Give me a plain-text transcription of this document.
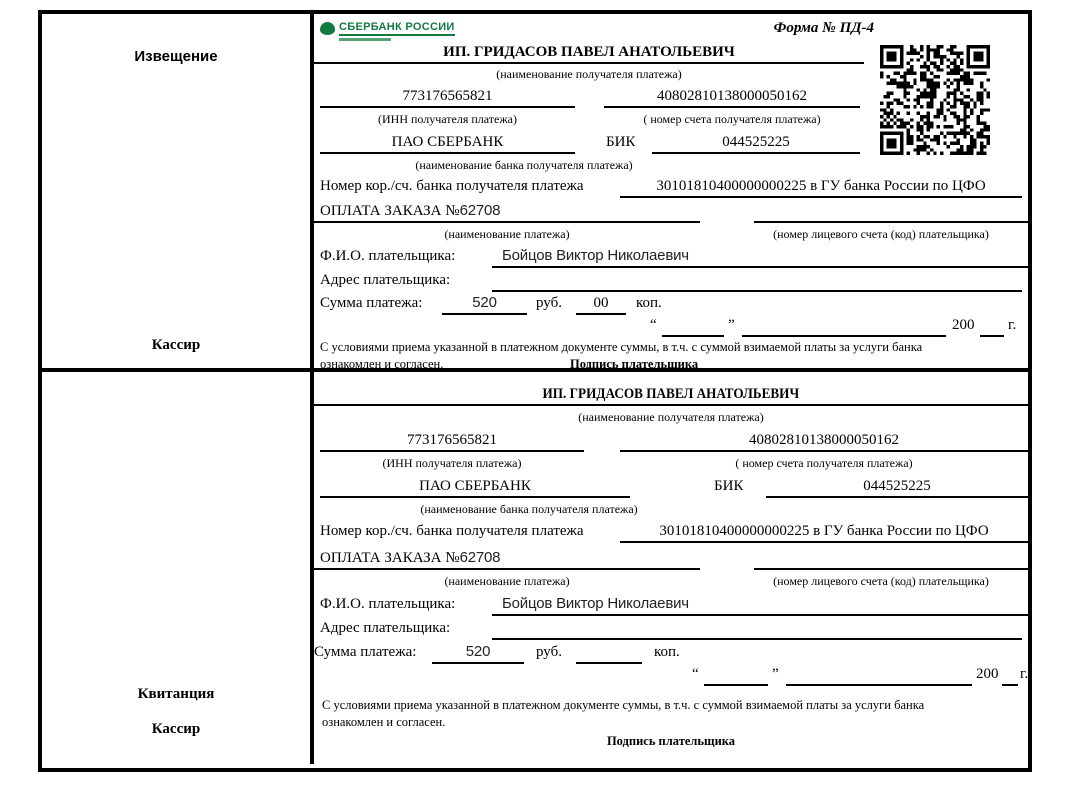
Извещение
Кассир
СБЕРБАНК РОССИИ	Форма № ПД-4
ИП. ГРИДАСОВ ПАВЕЛ АНАТОЛЬЕВИЧ
(наименование получателя платежа)
773176565821	40802810138000050162
(ИНН получателя платежа)	( номер счета получателя платежа)
ПАО СБЕРБАНК	БИК	044525225
(наименование банка получателя платежа)
Номер кор./сч. банка получателя платежа	30101810400000000225 в ГУ банка России по ЦФО
ОПЛАТА ЗАКАЗА №62708
(наименование платежа)	(номер лицевого счета (код) плательщика)
Ф.И.О. плательщика:	Бойцов Виктор Николаевич
Адрес плательщика:
Сумма платежа:	520	руб.	00	коп.
“	”	200 г.
С условиями приема указанной в платежном документе суммы, в т.ч. с суммой взимаемой платы за услуги банка
ознакомлен и согласен.	Подпись плательщика
Квитанция
Кассир
ИП. ГРИДАСОВ ПАВЕЛ АНАТОЛЬЕВИЧ
(наименование получателя платежа)
773176565821	40802810138000050162
(ИНН получателя платежа)	( номер счета получателя платежа)
ПАО СБЕРБАНК	БИК	044525225
(наименование банка получателя платежа)
Номер кор./сч. банка получателя платежа	30101810400000000225 в ГУ банка России по ЦФО
ОПЛАТА ЗАКАЗА №62708
(наименование платежа)	(номер лицевого счета (код) плательщика)
Ф.И.О. плательщика:	Бойцов Виктор Николаевич
Адрес плательщика:
Сумма платежа:	520	руб.	коп.
“	”	200 г.
С условиями приема указанной в платежном документе суммы, в т.ч. с суммой взимаемой платы за услуги банка
ознакомлен и согласен.
Подпись плательщика
